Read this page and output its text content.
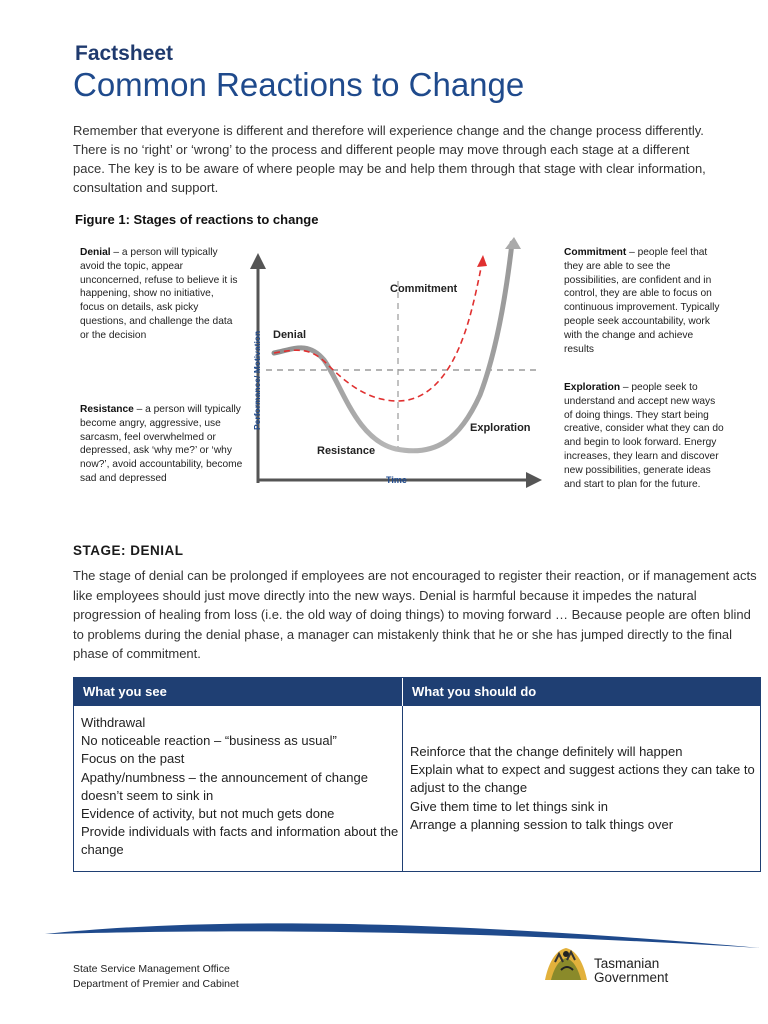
Factsheet
Common Reactions to Change
Remember that everyone is different and therefore will experience change and the change process differently. There is no ‘right’ or ‘wrong’ to the process and different people may move through each stage at a different pace. The key is to be aware of where people may be and help them through that stage with clear information, consultation and support.
Figure 1: Stages of reactions to change
Denial – a person will typically avoid the topic, appear unconcerned, refuse to believe it is happening, show no initiative, focus on details, ask picky questions, and challenge the data or the decision
Resistance – a person will typically become angry, aggressive, use sarcasm, feel overwhelmed or depressed, ask ‘why me?’ or ‘why now?’, avoid accountability, become sad and depressed
Commitment – people feel that they are able to see the possibilities, are confident and in control, they are able to focus on continuous improvement. Typically people seek accountability, work with the change and achieve results
Exploration – people seek to understand and accept new ways of doing things. They start being creative, consider what they can do and begin to look forward. Energy increases, they learn and discover new possibilities, generate ideas and start to plan for the future.
Denial
Commitment
Resistance
Exploration
Time
Performance/ Motivation
STAGE: DENIAL
The stage of denial can be prolonged if employees are not encouraged to register their reaction, or if management acts like employees should just move directly into the new ways. Denial is harmful because it impedes the natural progression of healing from loss (i.e. the old way of doing things) to moving forward … Because people are often blind to problems during the denial phase, a manager can mistakenly think that he or she has jumped directly to the final phase of commitment.
What you see	What you should do
Withdrawal
No noticeable reaction – “business as usual”
Focus on the past
Apathy/numbness – the announcement of change doesn’t seem to sink in
Evidence of activity, but not much gets done
Provide individuals with facts and information about the change
Reinforce that the change definitely will happen
Explain what to expect and suggest actions they can take to adjust to the change
Give them time to let things sink in
Arrange a planning session to talk things over
State Service Management Office
Department of Premier and Cabinet
Tasmanian
Government
